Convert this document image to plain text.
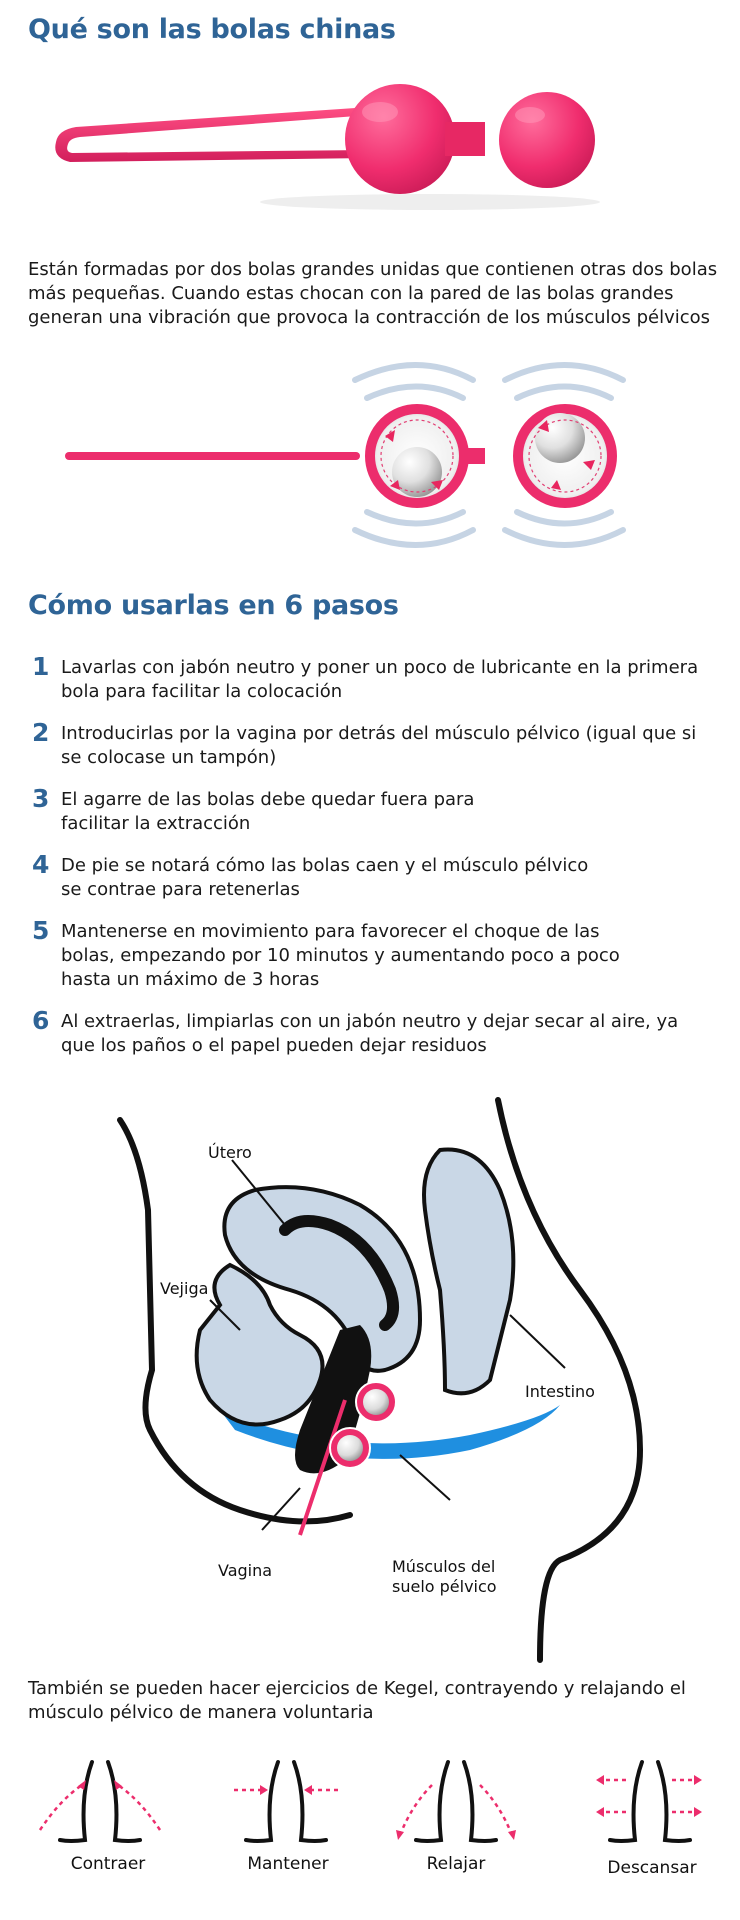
Qué son las bolas chinas

Están formadas por dos bolas grandes unidas que contienen otras dos bolas más pequeñas. Cuando estas chocan con la pared de las bolas grandes generan una vibración que provoca la contracción de los músculos pélvicos

Cómo usarlas en 6 pasos
1 Lavarlas con jabón neutro y poner un poco de lubricante en la primera bola para facilitar la colocación
2 Introducirlas por la vagina por detrás del músculo pélvico (igual que si se colocase un tampón)
3 El agarre de las bolas debe quedar fuera para facilitar la extracción
4 De pie se notará cómo las bolas caen y el músculo pélvico se contrae para retenerlas
5 Mantenerse en movimiento para favorecer el choque de las bolas, empezando por 10 minutos y aumentando poco a poco hasta un máximo de 3 horas
6 Al extraerlas, limpiarlas con un jabón neutro y dejar secar al aire, ya que los paños o el papel pueden dejar residuos
Útero
Vejiga
Intestino
Vagina	Músculos del
suelo pélvico

También se pueden hacer ejercicios de Kegel, contrayendo y relajando el músculo pélvico de manera voluntaria

Contraer	Mantener	Relajar	Descansar
